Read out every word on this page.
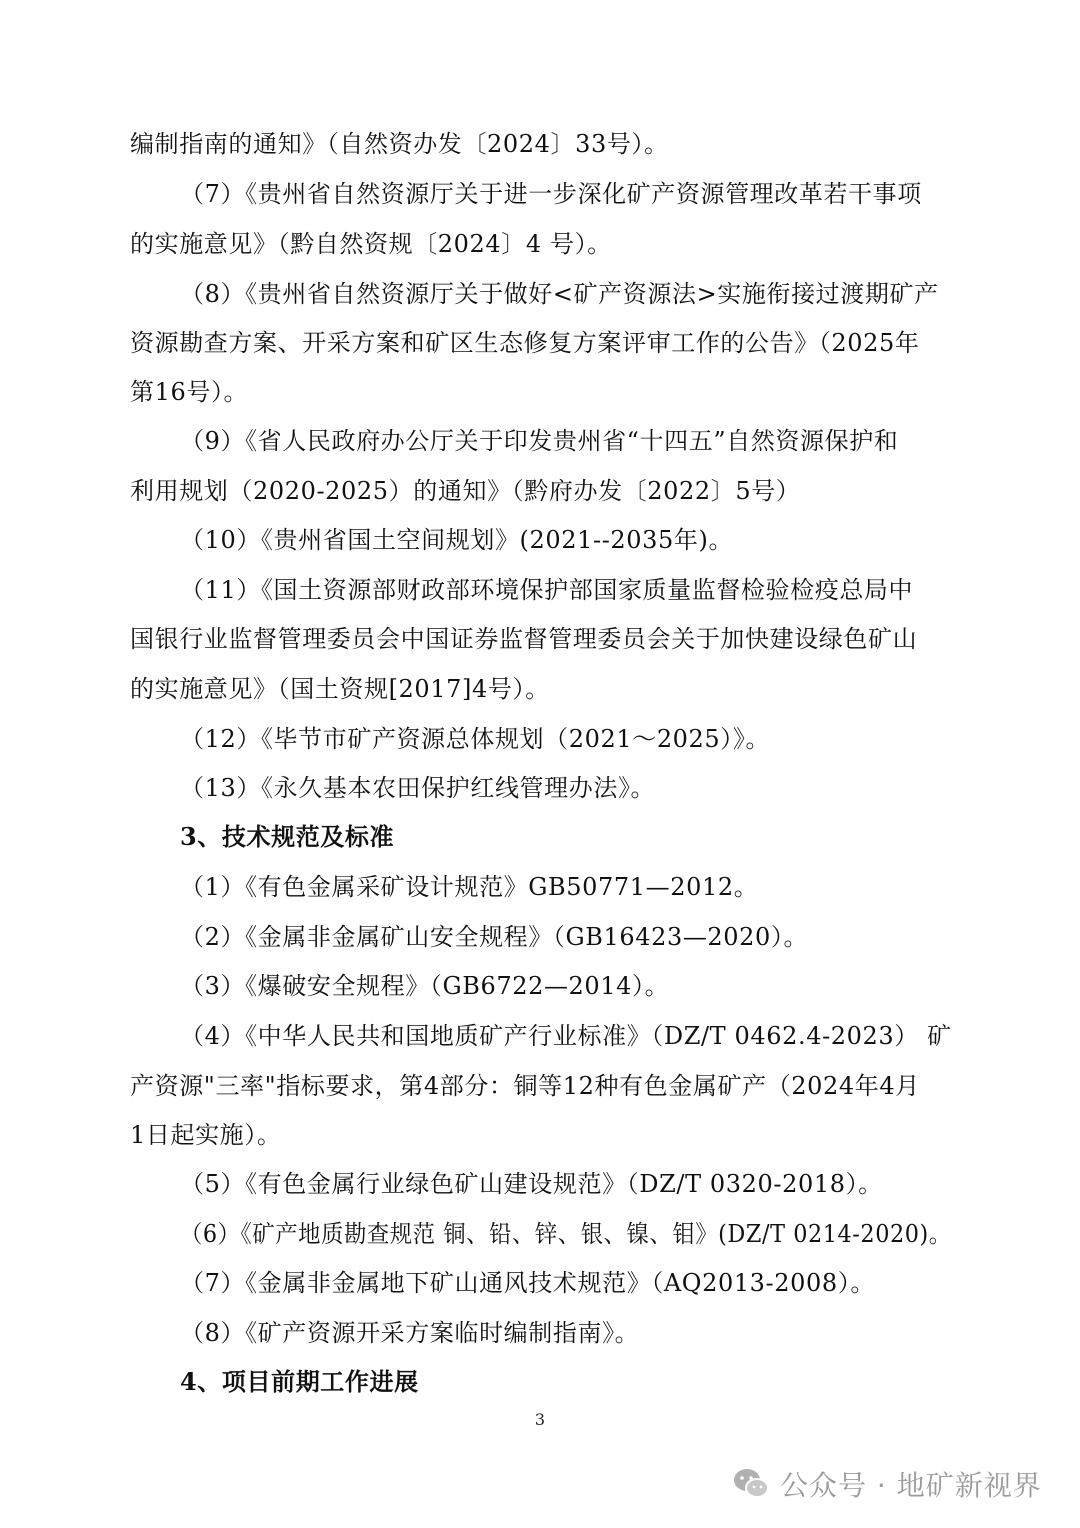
编制指南的通知》（自然资办发〔2024〕33号）。
（7）《贵州省自然资源厅关于进一步深化矿产资源管理改革若干事项
的实施意见》（黔自然资规〔2024〕4 号）。
（8）《贵州省自然资源厅关于做好<矿产资源法>实施衔接过渡期矿产
资源勘查方案、开采方案和矿区生态修复方案评审工作的公告》（2025年
第16号）。
（9）《省人民政府办公厅关于印发贵州省“十四五”自然资源保护和
利用规划（2020-2025）的通知》（黔府办发〔2022〕5号）
（10）《贵州省国土空间规划》(2021--2035年)。
（11）《国土资源部财政部环境保护部国家质量监督检验检疫总局中
国银行业监督管理委员会中国证券监督管理委员会关于加快建设绿色矿山
的实施意见》（国土资规[2017]4号）。
（12）《毕节市矿产资源总体规划（2021～2025）》。
（13）《永久基本农田保护红线管理办法》。
3、技术规范及标准
（1）《有色金属采矿设计规范》GB50771—2012。
（2）《金属非金属矿山安全规程》（GB16423—2020）。
（3）《爆破安全规程》（GB6722—2014）。
（4）《中华人民共和国地质矿产行业标准》（DZ/T 0462.4-2023） 矿
产资源"三率"指标要求，第4部分：铜等12种有色金属矿产（2024年4月
1日起实施）。
（5）《有色金属行业绿色矿山建设规范》（DZ/T 0320-2018）。
（6）《矿产地质勘查规范 铜、铅、锌、银、镍、钼》(DZ/T 0214-2020)。
（7）《金属非金属地下矿山通风技术规范》（AQ2013-2008）。
（8）《矿产资源开采方案临时编制指南》。
4、项目前期工作进展
3
公众号 · 地矿新视界
